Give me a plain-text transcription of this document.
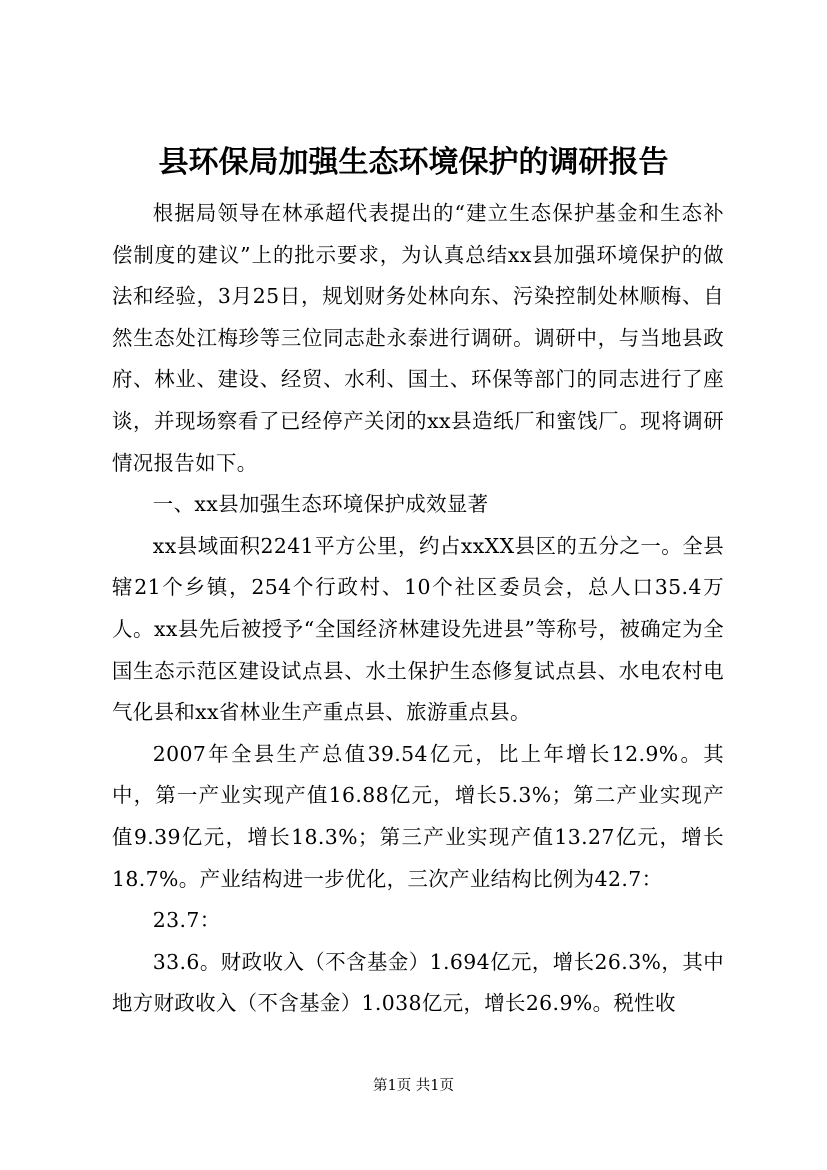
县环保局加强生态环境保护的调研报告

根据局领导在林承超代表提出的“建立生态保护基金和生态补偿制度的建议”上的批示要求，为认真总结xx县加强环境保护的做法和经验，3月25日，规划财务处林向东、污染控制处林顺梅、自然生态处江梅珍等三位同志赴永泰进行调研。调研中，与当地县政府、林业、建设、经贸、水利、国土、环保等部门的同志进行了座谈，并现场察看了已经停产关闭的xx县造纸厂和蜜饯厂。现将调研情况报告如下。

一、xx县加强生态环境保护成效显著

xx县域面积2241平方公里，约占xxXX县区的五分之一。全县辖21个乡镇，254个行政村、10个社区委员会，总人口35.4万人。xx县先后被授予“全国经济林建设先进县”等称号，被确定为全国生态示范区建设试点县、水土保护生态修复试点县、水电农村电气化县和xx省林业生产重点县、旅游重点县。

2007年全县生产总值39.54亿元，比上年增长12.9%。其中，第一产业实现产值16.88亿元，增长5.3%；第二产业实现产值9.39亿元，增长18.3%；第三产业实现产值13.27亿元，增长18.7%。产业结构进一步优化，三次产业结构比例为42.7：

23.7：

33.6。财政收入（不含基金）1.694亿元，增长26.3%，其中地方财政收入（不含基金）1.038亿元，增长26.9%。税性收

第1页 共1页
